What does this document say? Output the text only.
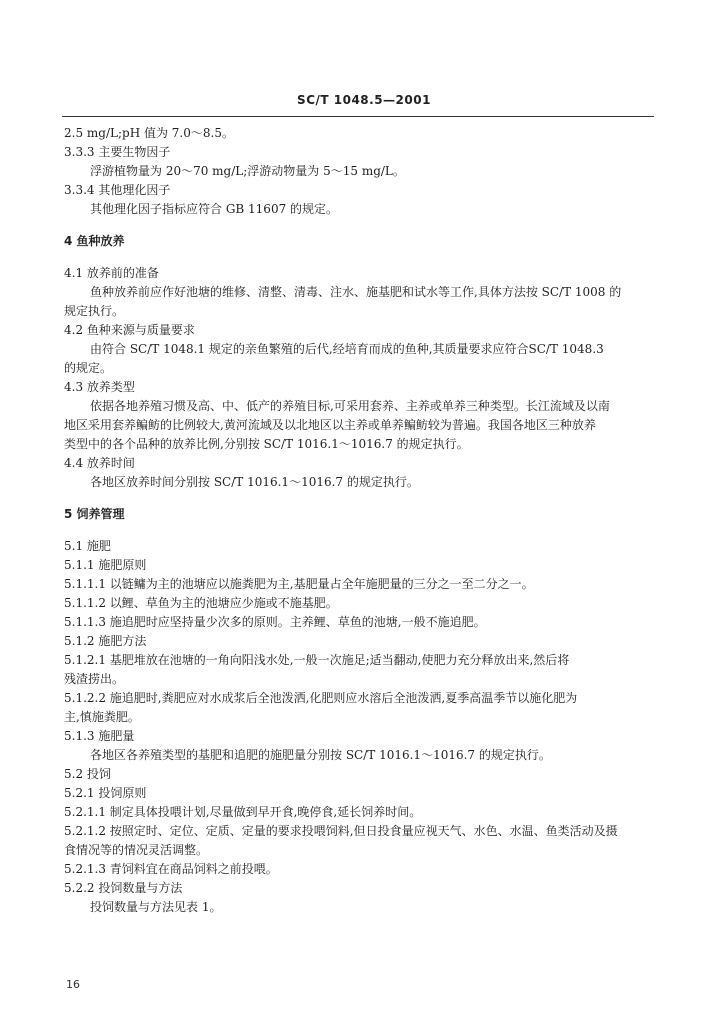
SC/T 1048.5—2001
2.5 mg/L;pH 值为 7.0～8.5。
3.3.3 主要生物因子
浮游植物量为 20～70 mg/L;浮游动物量为 5～15 mg/L。
3.3.4 其他理化因子
其他理化因子指标应符合 GB 11607 的规定。
4 鱼种放养
4.1 放养前的准备
鱼种放养前应作好池塘的维修、清整、清毒、注水、施基肥和试水等工作,具体方法按 SC/T 1008 的
规定执行。
4.2 鱼种来源与质量要求
由符合 SC/T 1048.1 规定的亲鱼繁殖的后代,经培育而成的鱼种,其质量要求应符合SC/T 1048.3
的规定。
4.3 放养类型
依据各地养殖习惯及高、中、低产的养殖目标,可采用套养、主养或单养三种类型。长江流域及以南
地区采用套养鳊鲂的比例较大,黄河流域及以北地区以主养或单养鳊鲂较为普遍。我国各地区三种放养
类型中的各个品种的放养比例,分别按 SC/T 1016.1～1016.7 的规定执行。
4.4 放养时间
各地区放养时间分别按 SC/T 1016.1～1016.7 的规定执行。
5 饲养管理
5.1 施肥
5.1.1 施肥原则
5.1.1.1 以链鳙为主的池塘应以施粪肥为主,基肥量占全年施肥量的三分之一至二分之一。
5.1.1.2 以鲤、草鱼为主的池塘应少施或不施基肥。
5.1.1.3 施追肥时应坚持量少次多的原则。主养鲤、草鱼的池塘,一般不施追肥。
5.1.2 施肥方法
5.1.2.1 基肥堆放在池塘的一角向阳浅水处,一般一次施足;适当翻动,使肥力充分释放出来,然后将
残渣捞出。
5.1.2.2 施追肥时,粪肥应对水成浆后全池泼洒,化肥则应水溶后全池泼洒,夏季高温季节以施化肥为
主,慎施粪肥。
5.1.3 施肥量
各地区各养殖类型的基肥和追肥的施肥量分别按 SC/T 1016.1～1016.7 的规定执行。
5.2 投饲
5.2.1 投饲原则
5.2.1.1 制定具体投喂计划,尽量做到早开食,晚停食,延长饲养时间。
5.2.1.2 按照定时、定位、定质、定量的要求投喂饲料,但日投食量应视天气、水色、水温、鱼类活动及摄
食情况等的情况灵活调整。
5.2.1.3 青饲料宜在商品饲料之前投喂。
5.2.2 投饲数量与方法
投饲数量与方法见表 1。
16
